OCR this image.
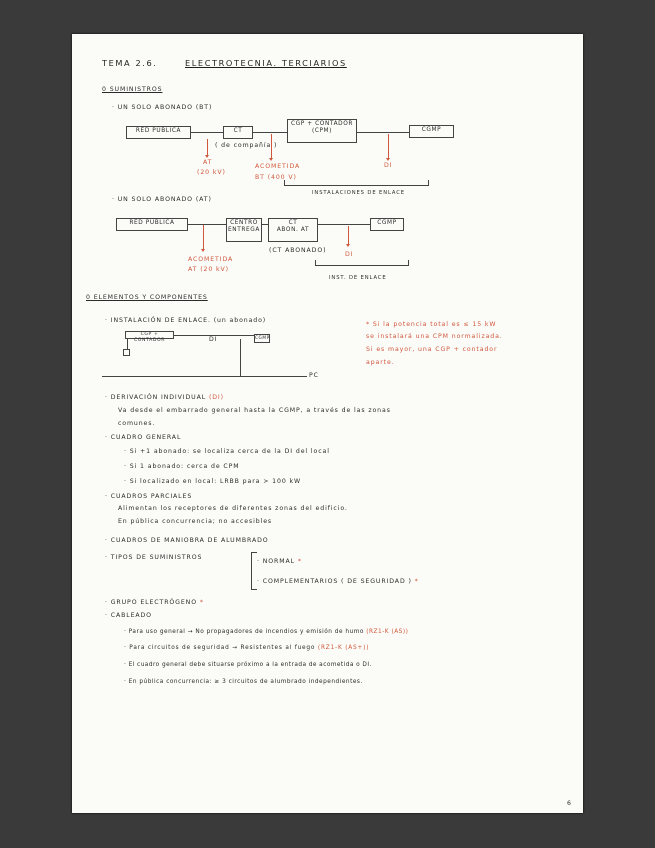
TEMA 2.6.	ELECTROTECNIA. TERCIARIOS
0 SUMINISTROS
· UN SOLO ABONADO (BT)
RED PÚBLICA	CT
CGP + CONTADOR
(CPM)	CGMP
( de compañía )
AT
(20 kV)
ACOMETIDA
BT (400 V)
DI
INSTALACIONES DE ENLACE
· UN SOLO ABONADO (AT)
RED PÚBLICA	CENTRO
ENTREGA
CT
ABON. AT
CGMP
(CT ABONADO)
ACOMETIDA
AT (20 kV)
DI
INST. DE ENLACE
0 ELEMENTOS Y COMPONENTES
· INSTALACIÓN DE ENLACE. (un abonado)
CGP + CONTADOR	DI	CGMP
PC
* Si la potencia total es ≤ 15 kW
se instalará una CPM normalizada.
Si es mayor, una CGP + contador
aparte.
· DERIVACIÓN INDIVIDUAL (DI)
Va desde el embarrado general hasta la CGMP, a través de las zonas
comunes.
· CUADRO GENERAL
· Si +1 abonado: se localiza cerca de la DI del local
· Si 1 abonado: cerca de CPM
· Si localizado en local: LRBB para > 100 kW
· CUADROS PARCIALES
Alimentan los receptores de diferentes zonas del edificio.
En pública concurrencia; no accesibles
· CUADROS DE MANIOBRA DE ALUMBRADO
· TIPOS DE SUMINISTROS
· NORMAL *
· COMPLEMENTARIOS ( DE SEGURIDAD ) *
· GRUPO ELECTRÓGENO *
· CABLEADO
· Para uso general → No propagadores de incendios y emisión de humo (RZ1-K (AS))
· Para circuitos de seguridad → Resistentes al fuego (RZ1-K (AS+))
· El cuadro general debe situarse próximo a la entrada de acometida o DI.
· En pública concurrencia: ≥ 3 circuitos de alumbrado independientes.
6
